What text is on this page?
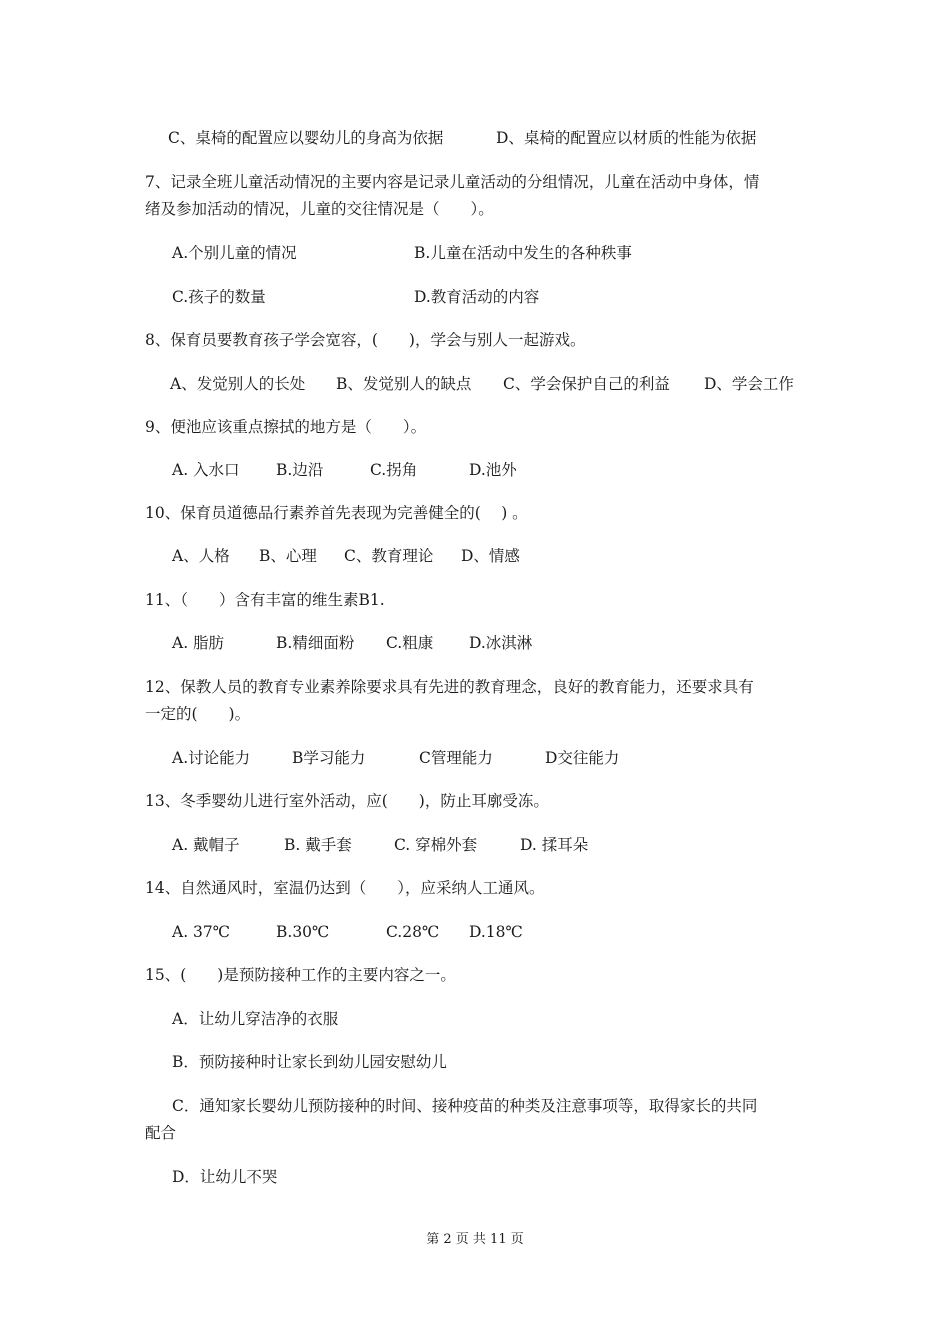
C、桌椅的配置应以婴幼儿的身高为依据	D、桌椅的配置应以材质的性能为依据
7、记录全班儿童活动情况的主要内容是记录儿童活动的分组情况，儿童在活动中身体，情
绪及参加活动的情况，儿童的交往情况是（　　）。
A.个别儿童的情况	B.儿童在活动中发生的各种秩事
C.孩子的数量	D.教育活动的内容
8、保育员要教育孩子学会宽容，(　　)，学会与别人一起游戏。
A、发觉别人的长处 B、发觉别人的缺点 C、学会保护自己的利益 D、学会工作
9、便池应该重点擦拭的地方是（　　）。
A. 入水口 B.边沿	C.拐角	D.池外
10、保育员道德品行素养首先表现为完善健全的(　 ) 。
A、人格 B、心理 C、教育理论 D、情感
11、（　　）含有丰富的维生素B1.
A. 脂肪	B.精细面粉 C.粗康 D.冰淇淋
12、保教人员的教育专业素养除要求具有先进的教育理念，良好的教育能力，还要求具有
一定的(　　)。
A.讨论能力	B学习能力	C管理能力	D交往能力
13、冬季婴幼儿进行室外活动，应(　　)，防止耳廓受冻。
A. 戴帽子	B. 戴手套	C. 穿棉外套	D. 揉耳朵
14、自然通风时，室温仍达到（　　），应采纳人工通风。
A. 37℃	B.30℃	C.28℃ D.18℃
15、(　　)是预防接种工作的主要内容之一。
A．让幼儿穿洁净的衣服
B．预防接种时让家长到幼儿园安慰幼儿
C．通知家长婴幼儿预防接种的时间、接种疫苗的种类及注意事项等，取得家长的共同
配合
D．让幼儿不哭
第 2 页 共 11 页
